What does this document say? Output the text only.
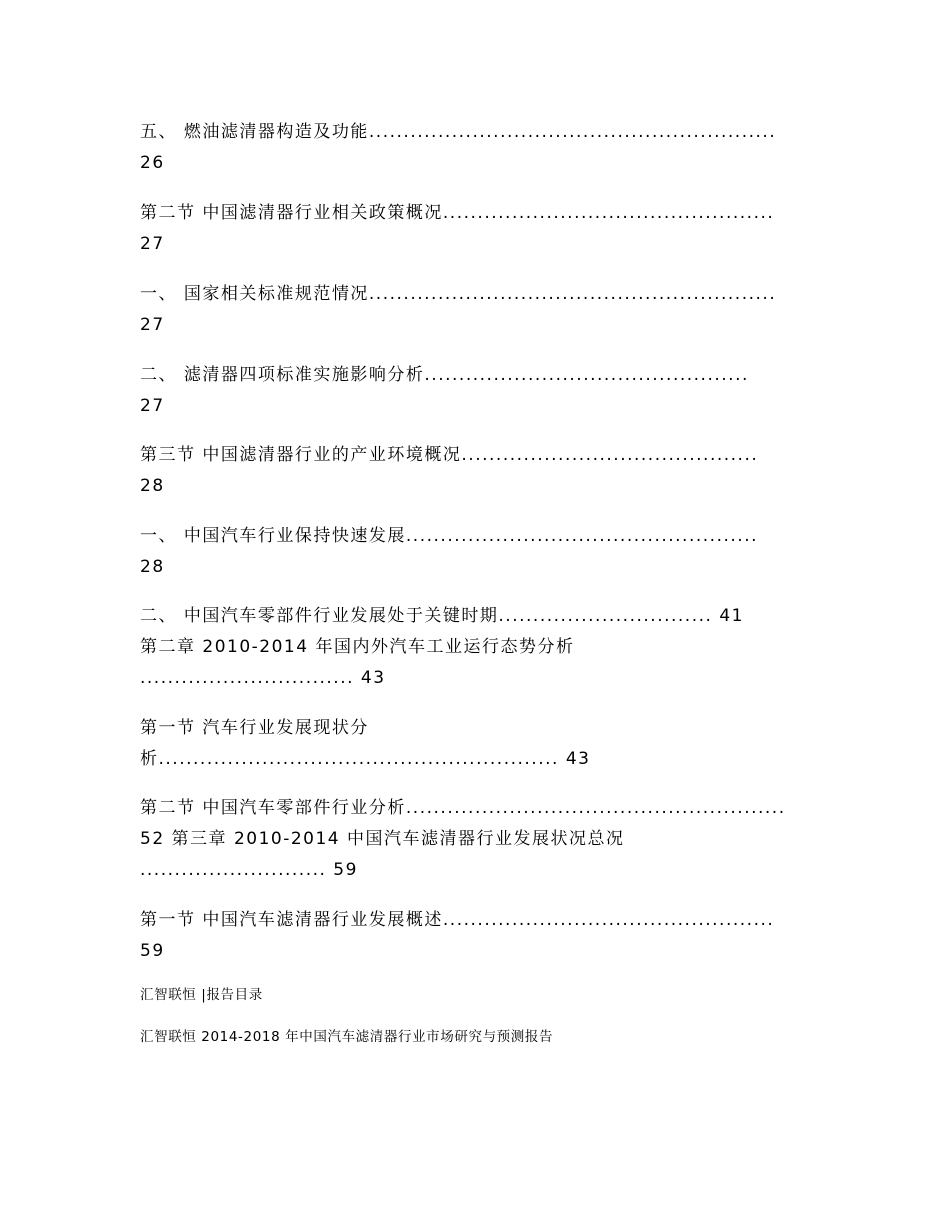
五、 燃油滤清器构造及功能...........................................................
26
第二节 中国滤清器行业相关政策概况................................................
27
一、 国家相关标准规范情况...........................................................
27
二、 滤清器四项标准实施影响分析...............................................
27
第三节 中国滤清器行业的产业环境概况...........................................
28
一、 中国汽车行业保持快速发展...................................................
28
二、 中国汽车零部件行业发展处于关键时期............................... 41
第二章 2010-2014 年国内外汽车工业运行态势分析
............................... 43
第一节 汽车行业发展现状分
析.......................................................... 43
第二节 中国汽车零部件行业分析.......................................................
52 第三章 2010-2014 中国汽车滤清器行业发展状况总况
........................... 59
第一节 中国汽车滤清器行业发展概述................................................
59
汇智联恒 |报告目录
汇智联恒 2014-2018 年中国汽车滤清器行业市场研究与预测报告
